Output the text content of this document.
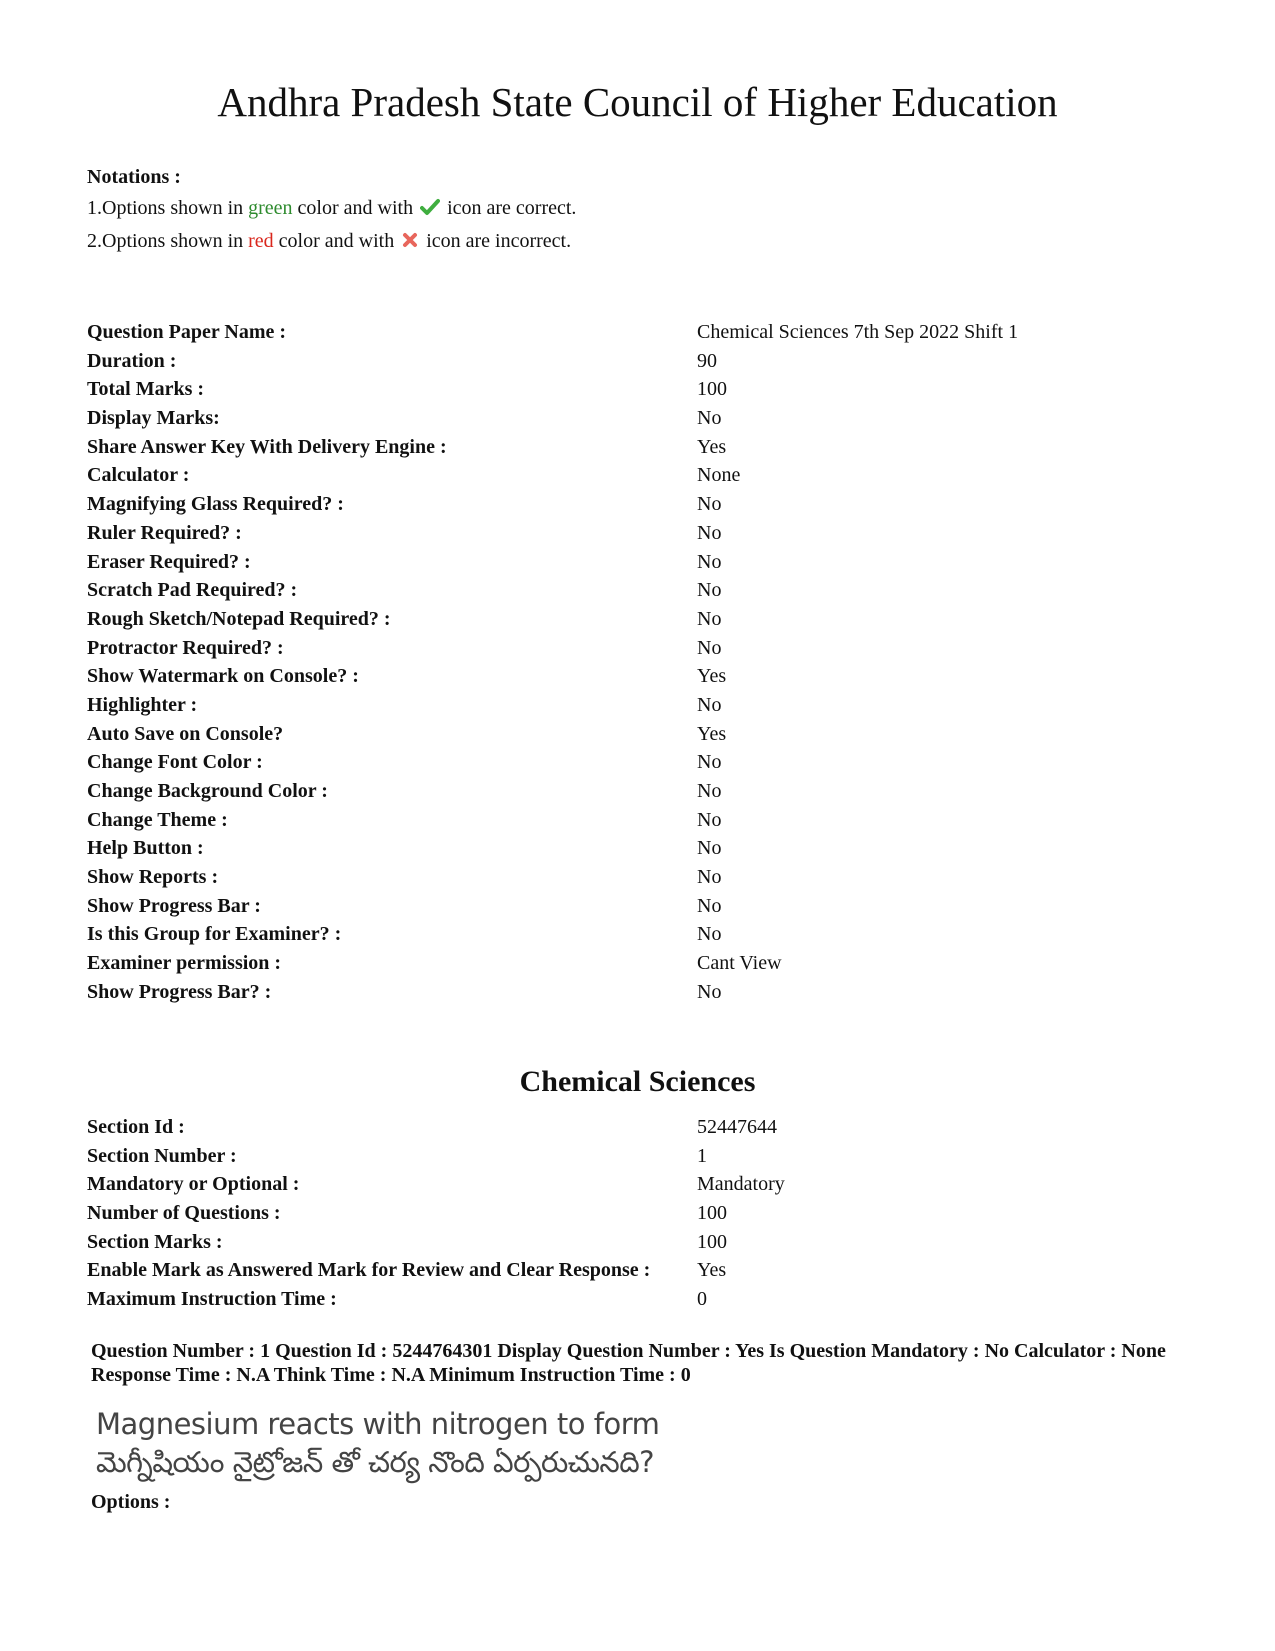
Andhra Pradesh State Council of Higher Education
Notations :
1.Options shown in green color and with  icon are correct.
2.Options shown in red color and with  icon are incorrect.
Question Paper Name :	Chemical Sciences 7th Sep 2022 Shift 1
Duration :	90
Total Marks :	100
Display Marks:	No
Share Answer Key With Delivery Engine :	Yes
Calculator :	None
Magnifying Glass Required? :	No
Ruler Required? :	No
Eraser Required? :	No
Scratch Pad Required? :	No
Rough Sketch/Notepad Required? :	No
Protractor Required? :	No
Show Watermark on Console? :	Yes
Highlighter :	No
Auto Save on Console?	Yes
Change Font Color :	No
Change Background Color :	No
Change Theme :	No
Help Button :	No
Show Reports :	No
Show Progress Bar :	No
Is this Group for Examiner? :	No
Examiner permission :	Cant View
Show Progress Bar? :	No
Chemical Sciences
Section Id :	52447644
Section Number :	1
Mandatory or Optional :	Mandatory
Number of Questions :	100
Section Marks :	100
Enable Mark as Answered Mark for Review and Clear Response :	Yes
Maximum Instruction Time :	0
Question Number : 1 Question Id : 5244764301 Display Question Number : Yes Is Question Mandatory : No Calculator : None Response Time : N.A Think Time : N.A Minimum Instruction Time : 0
Magnesium reacts with nitrogen to form
మెగ్నీషియం నైట్రోజన్ తో చర్య నొంది ఏర్పరుచునది?
Options :
